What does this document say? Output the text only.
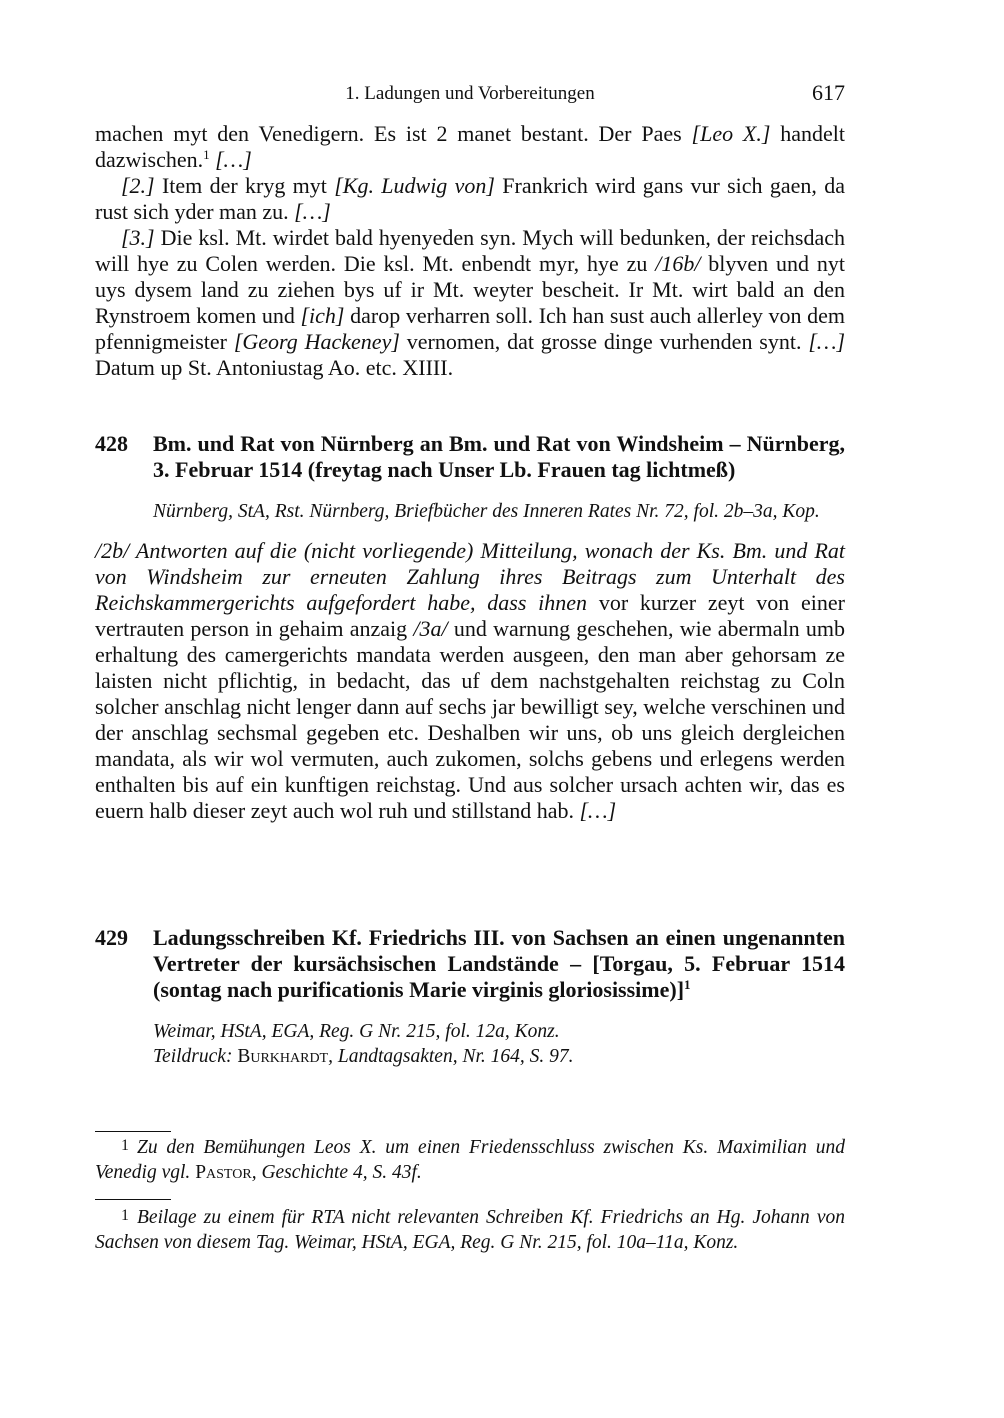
1. Ladungen und Vorbereitungen	617

machen myt den Venedigern. Es ist 2 manet bestant. Der Paes [Leo X.] handelt dazwischen.$^1$ […]

[2.] Item der kryg myt [Kg. Ludwig von] Frankrich wird gans vur sich gaen, da rust sich yder man zu. […]

[3.] Die ksl. Mt. wirdet bald hyenyeden syn. Mych will bedunken, der reichsdach will hye zu Colen werden. Die ksl. Mt. enbendt myr, hye zu /16b/ blyven und nyt uys dysem land zu ziehen bys uf ir Mt. weyter bescheit. Ir Mt. wirt bald an den Rynstroem komen und [ich] darop verharren soll. Ich han sust auch allerley von dem pfennigmeister [Georg Hackeney] vernomen, dat grosse dinge vurhenden synt. […] Datum up St. Antoniustag Ao. etc. XIIII.

428	Bm. und Rat von Nürnberg an Bm. und Rat von Windsheim – Nürnberg, 3. Februar 1514 (freytag nach Unser Lb. Frauen tag lichtmeß)
Nürnberg, StA, Rst. Nürnberg, Briefbücher des Inneren Rates Nr. 72, fol. 2b–3a, Kop.

/2b/ Antworten auf die (nicht vorliegende) Mitteilung, wonach der Ks. Bm. und Rat von Windsheim zur erneuten Zahlung ihres Beitrags zum Unterhalt des Reichskammergerichts aufgefordert habe, dass ihnen vor kurzer zeyt von einer vertrauten person in gehaim anzaig /3a/ und warnung geschehen, wie abermaln umb erhaltung des camergerichts mandata werden ausgeen, den man aber gehorsam ze laisten nicht pflichtig, in bedacht, das uf dem nachstgehalten reichstag zu Coln solcher anschlag nicht lenger dann auf sechs jar bewilligt sey, welche verschinen und der anschlag sechsmal gegeben etc. Deshalben wir uns, ob uns gleich dergleichen mandata, als wir wol vermuten, auch zukomen, solchs gebens und erlegens werden enthalten bis auf ein kunftigen reichstag. Und aus solcher ursach achten wir, das es euern halb dieser zeyt auch wol ruh und stillstand hab. […]

429	Ladungsschreiben Kf. Friedrichs III. von Sachsen an einen ungenannten Vertreter der kursächsischen Landstände – [Torgau, 5. Februar 1514 (sontag nach purificationis Marie virginis gloriosissime)]$^1$
Weimar, HStA, EGA, Reg. G Nr. 215, fol. 12a, Konz.
Teildruck: Burkhardt, Landtagsakten, Nr. 164, S. 97.

1 Zu den Bemühungen Leos X. um einen Friedensschluss zwischen Ks. Maximilian und Venedig vgl. Pastor, Geschichte 4, S. 43f.

1 Beilage zu einem für RTA nicht relevanten Schreiben Kf. Friedrichs an Hg. Johann von Sachsen von diesem Tag. Weimar, HStA, EGA, Reg. G Nr. 215, fol. 10a–11a, Konz.
